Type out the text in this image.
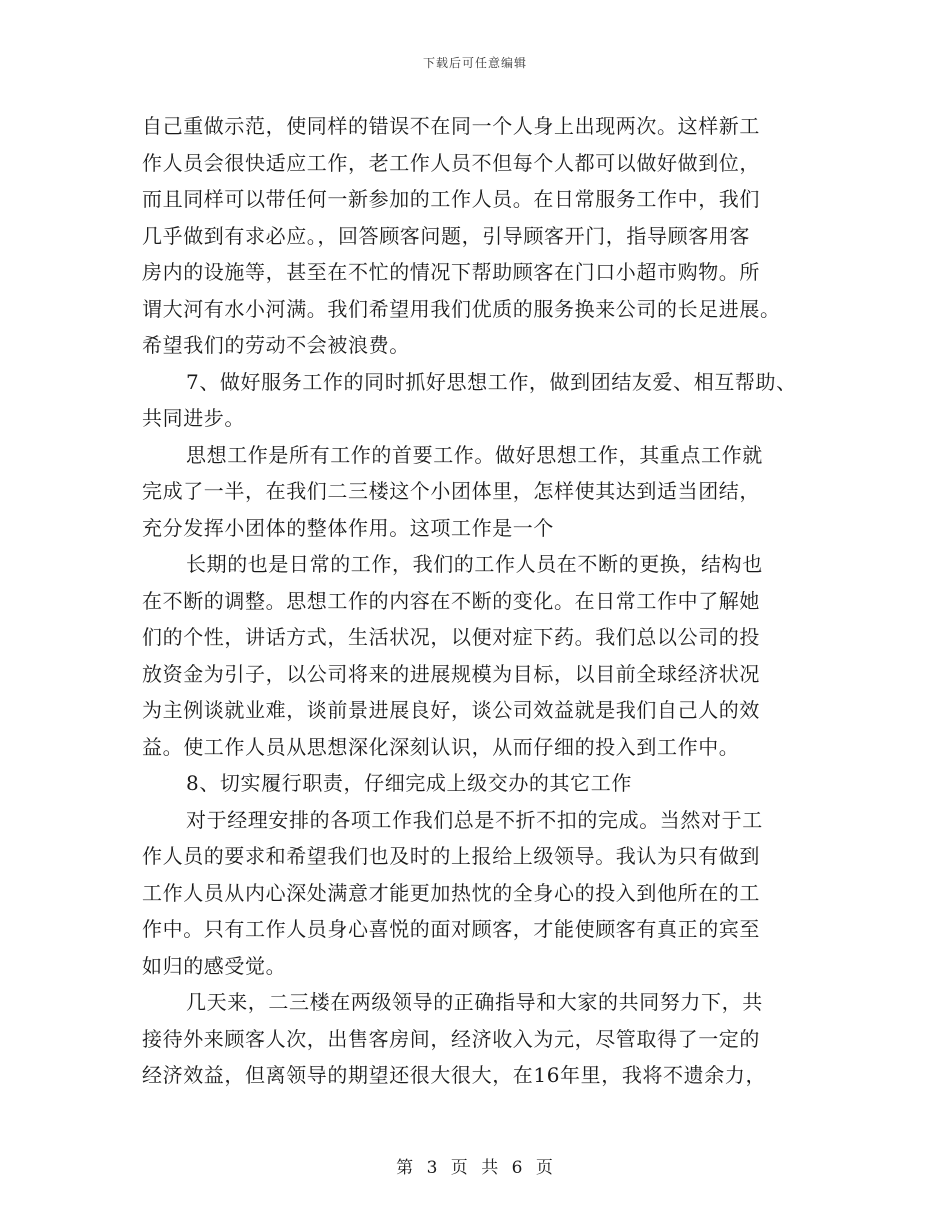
下载后可任意编辑
自己重做示范，使同样的错误不在同一个人身上出现两次。这样新工
作人员会很快适应工作，老工作人员不但每个人都可以做好做到位，
而且同样可以带任何一新参加的工作人员。在日常服务工作中，我们
几乎做到有求必应。，回答顾客问题，引导顾客开门，指导顾客用客
房内的设施等，甚至在不忙的情况下帮助顾客在门口小超市购物。所
谓大河有水小河满。我们希望用我们优质的服务换来公司的长足进展。
希望我们的劳动不会被浪费。
7、做好服务工作的同时抓好思想工作，做到团结友爱、相互帮助、
共同进步。
思想工作是所有工作的首要工作。做好思想工作，其重点工作就
完成了一半，在我们二三楼这个小团体里，怎样使其达到适当团结，
充分发挥小团体的整体作用。这项工作是一个
长期的也是日常的工作，我们的工作人员在不断的更换，结构也
在不断的调整。思想工作的内容在不断的变化。在日常工作中了解她
们的个性，讲话方式，生活状况，以便对症下药。我们总以公司的投
放资金为引子，以公司将来的进展规模为目标，以目前全球经济状况
为主例谈就业难，谈前景进展良好，谈公司效益就是我们自己人的效
益。使工作人员从思想深化深刻认识，从而仔细的投入到工作中。
8、切实履行职责，仔细完成上级交办的其它工作
对于经理安排的各项工作我们总是不折不扣的完成。当然对于工
作人员的要求和希望我们也及时的上报给上级领导。我认为只有做到
工作人员从内心深处满意才能更加热忱的全身心的投入到他所在的工
作中。只有工作人员身心喜悦的面对顾客，才能使顾客有真正的宾至
如归的感受觉。
几天来，二三楼在两级领导的正确指导和大家的共同努力下，共
接待外来顾客人次，出售客房间，经济收入为元，尽管取得了一定的
经济效益，但离领导的期望还很大很大，在16年里，我将不遗余力，
第 3 页 共 6 页
